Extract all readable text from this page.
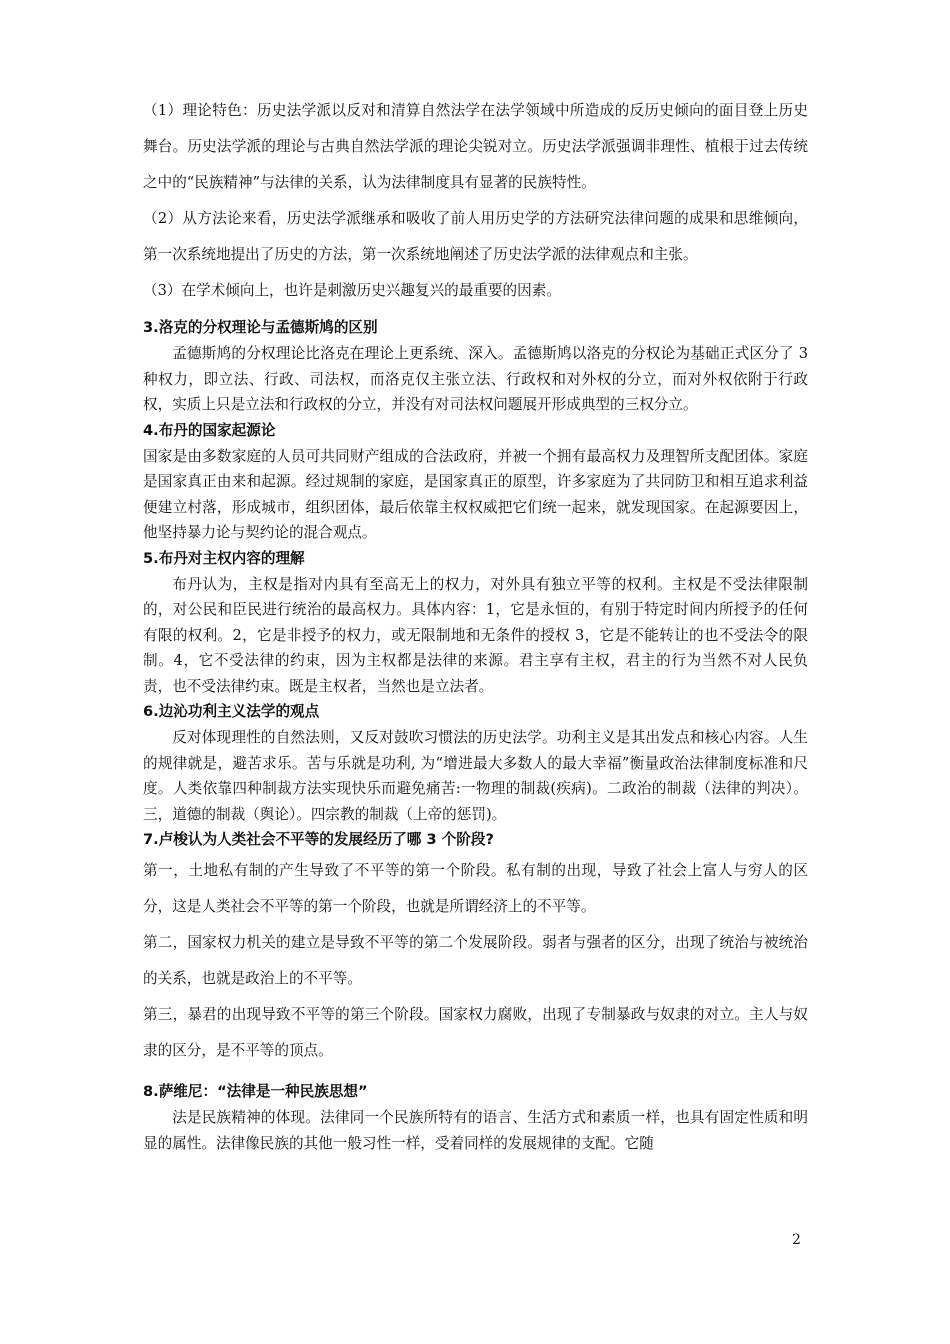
（1）理论特色：历史法学派以反对和清算自然法学在法学领域中所造成的反历史倾向的面目登上历史舞台。历史法学派的理论与古典自然法学派的理论尖锐对立。历史法学派强调非理性、植根于过去传统之中的“民族精神”与法律的关系，认为法律制度具有显著的民族特性。

（2）从方法论来看，历史法学派继承和吸收了前人用历史学的方法研究法律问题的成果和思维倾向，第一次系统地提出了历史的方法，第一次系统地阐述了历史法学派的法律观点和主张。

（3）在学术倾向上，也许是刺激历史兴趣复兴的最重要的因素。

3.洛克的分权理论与孟德斯鸠的区别

孟德斯鸠的分权理论比洛克在理论上更系统、深入。孟德斯鸠以洛克的分权论为基础正式区分了 3 种权力，即立法、行政、司法权，而洛克仅主张立法、行政权和对外权的分立，而对外权依附于行政权，实质上只是立法和行政权的分立，并没有对司法权问题展开形成典型的三权分立。

4.布丹的国家起源论

国家是由多数家庭的人员可共同财产组成的合法政府，并被一个拥有最高权力及理智所支配团体。家庭是国家真正由来和起源。经过规制的家庭，是国家真正的原型，许多家庭为了共同防卫和相互追求利益便建立村落，形成城市，组织团体，最后依靠主权权威把它们统一起来，就发现国家。在起源要因上，他坚持暴力论与契约论的混合观点。

5.布丹对主权内容的理解

布丹认为，主权是指对内具有至高无上的权力，对外具有独立平等的权利。主权是不受法律限制的，对公民和臣民进行统治的最高权力。具体内容：1，它是永恒的，有别于特定时间内所授予的任何有限的权利。2，它是非授予的权力，或无限制地和无条件的授权 3，它是不能转让的也不受法令的限制。4，它不受法律的约束，因为主权都是法律的来源。君主享有主权，君主的行为当然不对人民负责，也不受法律约束。既是主权者，当然也是立法者。

6.边沁功利主义法学的观点

反对体现理性的自然法则，又反对鼓吹习惯法的历史法学。功利主义是其出发点和核心内容。人生的规律就是，避苦求乐。苦与乐就是功利, 为“增进最大多数人的最大幸福”衡量政治法律制度标准和尺度。人类依靠四种制裁方法实现快乐而避免痛苦:一物理的制裁(疾病)。二政治的制裁（法律的判决）。三，道德的制裁（舆论）。四宗教的制裁（上帝的惩罚)。

7.卢梭认为人类社会不平等的发展经历了哪 3 个阶段?

第一，土地私有制的产生导致了不平等的第一个阶段。私有制的出现，导致了社会上富人与穷人的区分，这是人类社会不平等的第一个阶段，也就是所谓经济上的不平等。

第二，国家权力机关的建立是导致不平等的第二个发展阶段。弱者与强者的区分，出现了统治与被统治的关系，也就是政治上的不平等。

第三，暴君的出现导致不平等的第三个阶段。国家权力腐败，出现了专制暴政与奴隶的对立。主人与奴隶的区分，是不平等的顶点。

8.萨维尼：“法律是一种民族思想”

法是民族精神的体现。法律同一个民族所特有的语言、生活方式和素质一样，也具有固定性质和明显的属性。法律像民族的其他一般习性一样，受着同样的发展规律的支配。它随

2
